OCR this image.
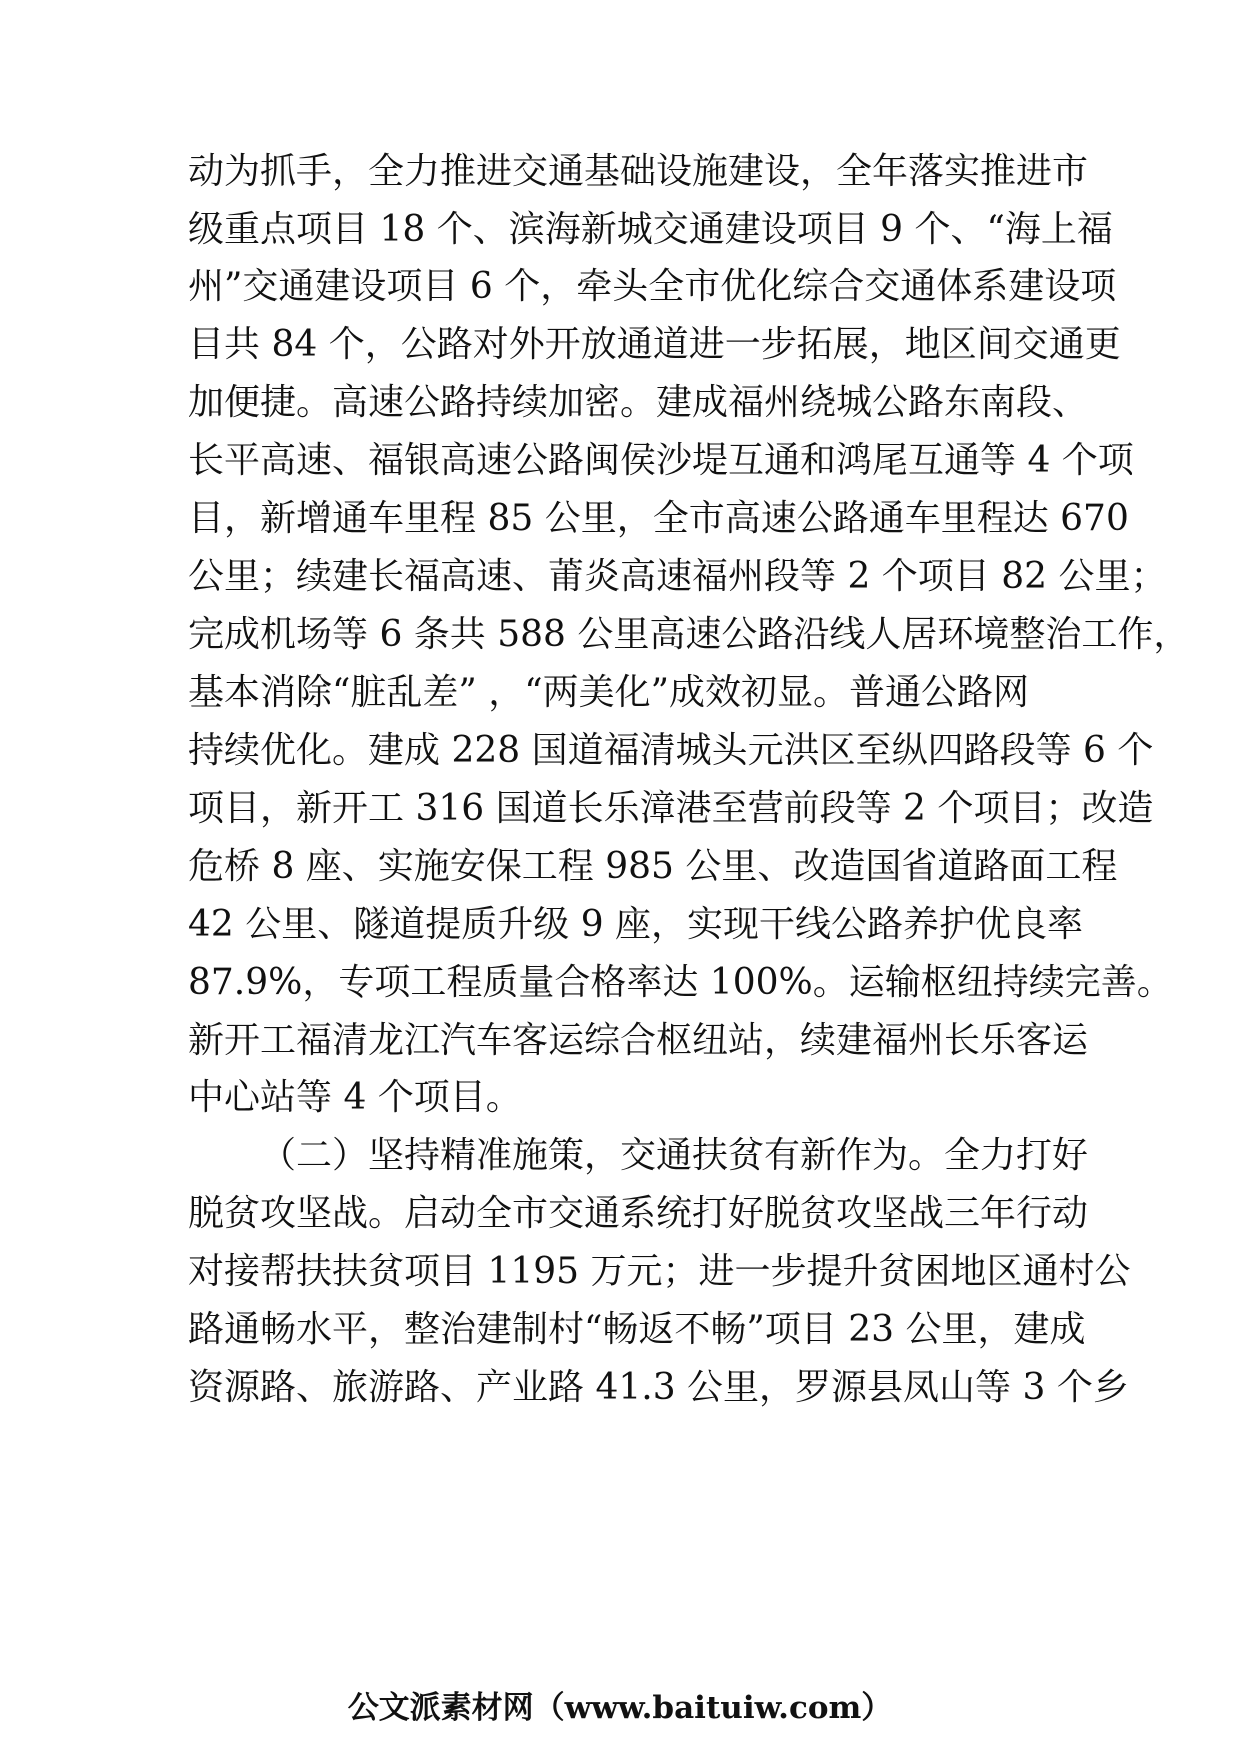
动为抓手，全力推进交通基础设施建设，全年落实推进市
级重点项目 18 个、滨海新城交通建设项目 9 个、“海上福
州”交通建设项目 6 个，牵头全市优化综合交通体系建设项
目共 84 个，公路对外开放通道进一步拓展，地区间交通更
加便捷。高速公路持续加密。建成福州绕城公路东南段、
长平高速、福银高速公路闽侯沙堤互通和鸿尾互通等 4 个项
目，新增通车里程 85 公里，全市高速公路通车里程达 670
公里；续建长福高速、莆炎高速福州段等 2 个项目 82 公里；
完成机场等 6 条共 588 公里高速公路沿线人居环境整治工作，
基本消除“脏乱差” ，“两美化”成效初显。普通公路网
持续优化。建成 228 国道福清城头元洪区至纵四路段等 6 个
项目，新开工 316 国道长乐漳港至营前段等 2 个项目；改造
危桥 8 座、实施安保工程 985 公里、改造国省道路面工程
42 公里、隧道提质升级 9 座，实现干线公路养护优良率
87.9%，专项工程质量合格率达 100%。运输枢纽持续完善。
新开工福清龙江汽车客运综合枢纽站，续建福州长乐客运
中心站等 4 个项目。
（二）坚持精准施策，交通扶贫有新作为。全力打好
脱贫攻坚战。启动全市交通系统打好脱贫攻坚战三年行动
对接帮扶扶贫项目 1195 万元；进一步提升贫困地区通村公
路通畅水平，整治建制村“畅返不畅”项目 23 公里，建成
资源路、旅游路、产业路 41.3 公里，罗源县凤山等 3 个乡
公文派素材网（www.baituiw.com）
